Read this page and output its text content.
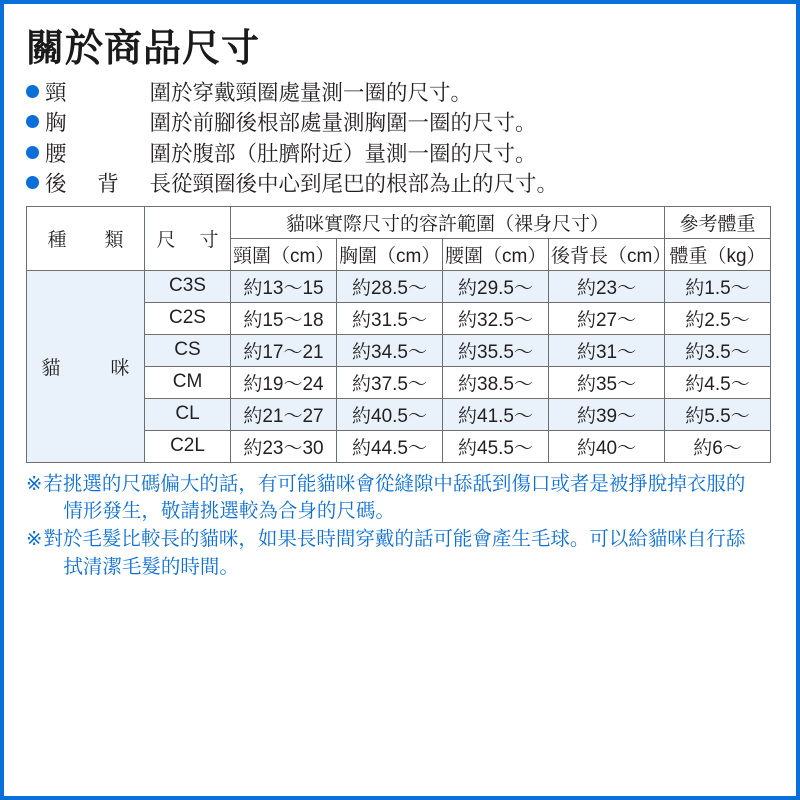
關於商品尺寸
頸	圍 於穿戴頸圈處量測一圈的尺寸。
胸	圍 於前腳後根部處量測胸圍一圈的尺寸。
腰	圍 於腹部（肚臍附近）量測一圈的尺寸。
後 背 長 從頸圈後中心到尾巴的根部為止的尺寸。
種 類	尺 寸	貓咪實際尺寸的容許範圍（裸身尺寸）				參考體重
		頸圍（cm）	胸圍（cm）	腰圍（cm）	後背長（cm）	體重（kg）

貓 咪	C3S	約13～15	約28.5～	約29.5～	約23～	約1.5～
	C2S	約15～18	約31.5～	約32.5～	約27～	約2.5～
	CS	約17～21	約34.5～	約35.5～	約31～	約3.5～
	CM	約19～24	約37.5～	約38.5～	約35～	約4.5～
	CL	約21～27	約40.5～	約41.5～	約39～	約5.5～
	C2L	約23～30	約44.5～	約45.5～	約40～	約6～
※ 若挑選的尺碼偏大的話，有可能貓咪會從縫隙中舔舐到傷口或者是被掙脫掉衣服的
情形發生，敬請挑選較為合身的尺碼。
※ 對於毛髮比較長的貓咪，如果長時間穿戴的話可能會產生毛球。可以給貓咪自行舔
拭清潔毛髮的時間。
